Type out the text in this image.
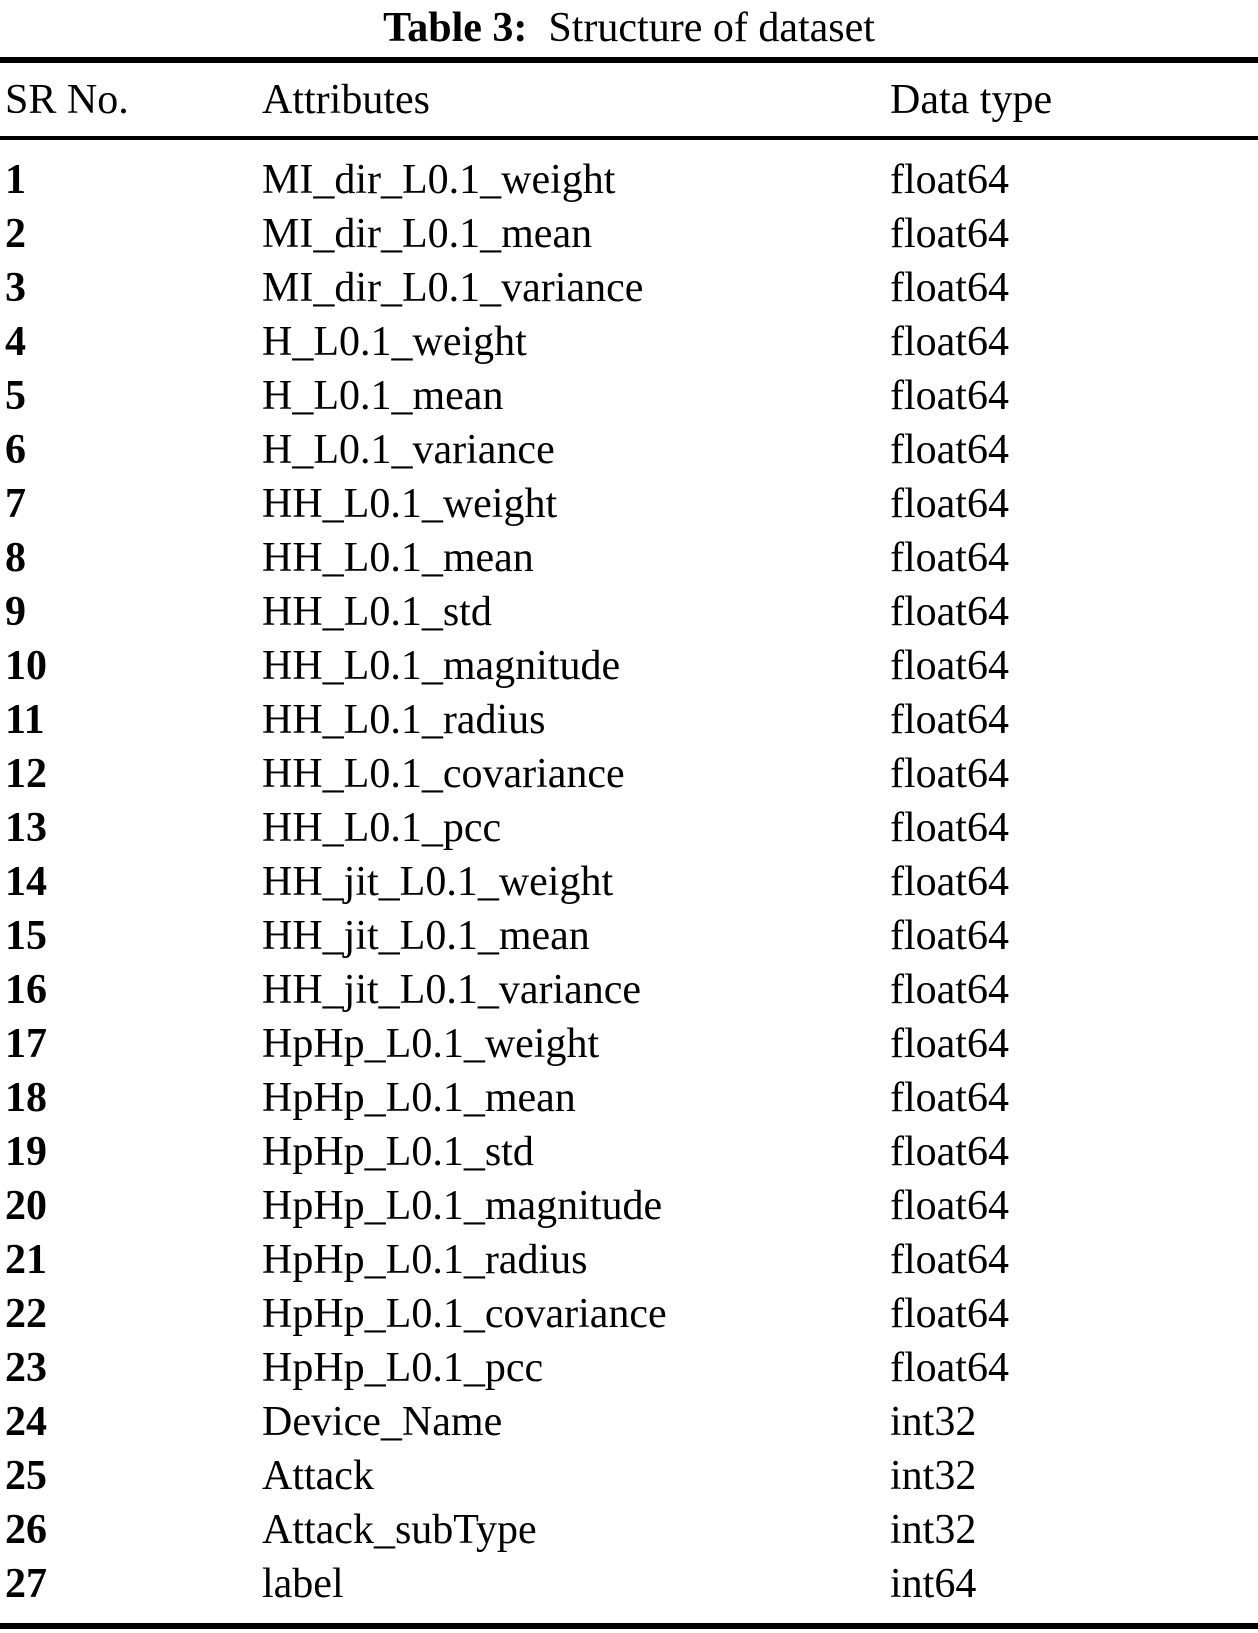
Table 3: Structure of dataset
SR No.	Attributes	Data type
1	MI_dir_L0.1_weight	float64
2	MI_dir_L0.1_mean	float64
3	MI_dir_L0.1_variance	float64
4	H_L0.1_weight	float64
5	H_L0.1_mean	float64
6	H_L0.1_variance	float64
7	HH_L0.1_weight	float64
8	HH_L0.1_mean	float64
9	HH_L0.1_std	float64
10	HH_L0.1_magnitude	float64
11	HH_L0.1_radius	float64
12	HH_L0.1_covariance	float64
13	HH_L0.1_pcc	float64
14	HH_jit_L0.1_weight	float64
15	HH_jit_L0.1_mean	float64
16	HH_jit_L0.1_variance	float64
17	HpHp_L0.1_weight	float64
18	HpHp_L0.1_mean	float64
19	HpHp_L0.1_std	float64
20	HpHp_L0.1_magnitude	float64
21	HpHp_L0.1_radius	float64
22	HpHp_L0.1_covariance	float64
23	HpHp_L0.1_pcc	float64
24	Device_Name	int32
25	Attack	int32
26	Attack_subType	int32
27	label	int64
